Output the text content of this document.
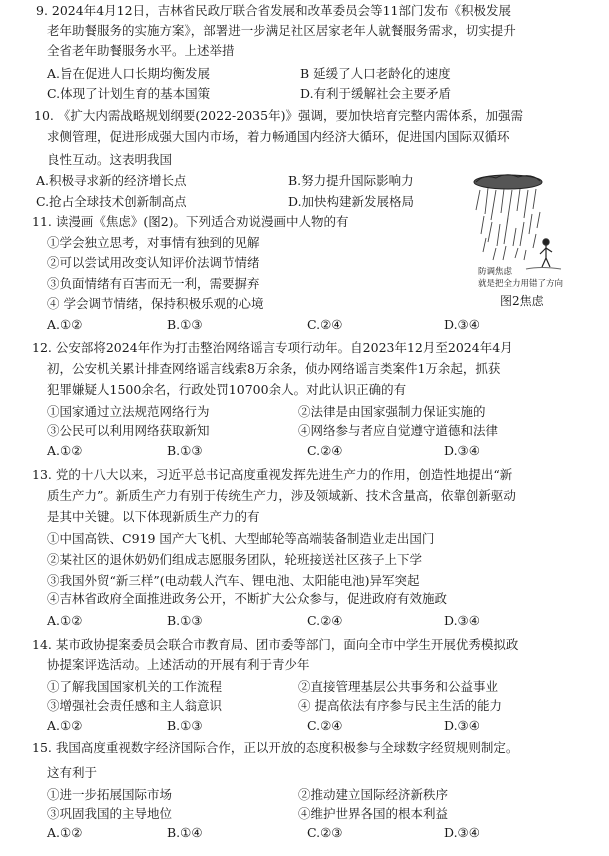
9. 2024年4月12日，吉林省民政厅联合省发展和改革委员会等11部门发布《积极发展
老年助餐服务的实施方案》，部署进一步满足社区居家老年人就餐服务需求，切实提升
全省老年助餐服务水平。上述举措
A.旨在促进人口长期均衡发展	B 延缓了人口老龄化的速度
C.体现了计划生育的基本国策	D.有利于缓解社会主要矛盾
10. 《扩大内需战略规划纲要(2022-2035年)》强调，要加快培育完整内需体系，加强需
求侧管理，促进形成强大国内市场，着力畅通国内经济大循环，促进国内国际双循环
良性互动。这表明我国
A.积极寻求新的经济增长点	B.努力提升国际影响力
C.抢占全球技术创新制高点	D.加快构建新发展格局
11. 读漫画《焦虑》(图2)。下列适合劝说漫画中人物的有
①学会独立思考，对事情有独到的见解
②可以尝试用改变认知评价法调节情绪
③负面情绪有百害而无一利，需要摒弃
④ 学会调节情绪，保持积极乐观的心境
A.①②	B.①③	C.②④	D.③④
防调焦虑
就是把全力用错了方向
图2焦虑
12. 公安部将2024年作为打击整治网络谣言专项行动年。自2023年12月至2024年4月
初，公安机关累计排查网络谣言线索8万余条，侦办网络谣言类案件1万余起，抓获
犯罪嫌疑人1500余名，行政处罚10700余人。对此认识正确的有
①国家通过立法规范网络行为	②法律是由国家强制力保证实施的
③公民可以利用网络获取新知	④网络参与者应自觉遵守道德和法律
A.①②	B.①③	C.②④	D.③④
13. 党的十八大以来，习近平总书记高度重视发挥先进生产力的作用，创造性地提出“新
质生产力”。新质生产力有别于传统生产力，涉及领域新、技术含量高，依靠创新驱动
是其中关键。以下体现新质生产力的有
①中国高铁、C919 国产大飞机、大型邮轮等高端装备制造业走出国门
②某社区的退休奶奶们组成志愿服务团队，轮班接送社区孩子上下学
③我国外贸“新三样”(电动载人汽车、锂电池、太阳能电池)异军突起
④吉林省政府全面推进政务公开，不断扩大公众参与，促进政府有效施政
A.①②	B.①③	C.②④	D.③④
14. 某市政协提案委员会联合市教育局、团市委等部门，面向全市中学生开展优秀模拟政
协提案评选活动。上述活动的开展有利于青少年
①了解我国国家机关的工作流程	②直接管理基层公共事务和公益事业
③增强社会责任感和主人翁意识	④ 提高依法有序参与民主生活的能力
A.①②	B.①③	C.②④	D.③④
15. 我国高度重视数字经济国际合作，正以开放的态度积极参与全球数字经贸规则制定。
这有利于
①进一步拓展国际市场	②推动建立国际经济新秩序
③巩固我国的主导地位	④维护世界各国的根本利益
A.①②	B.①④	C.②③	D.③④
